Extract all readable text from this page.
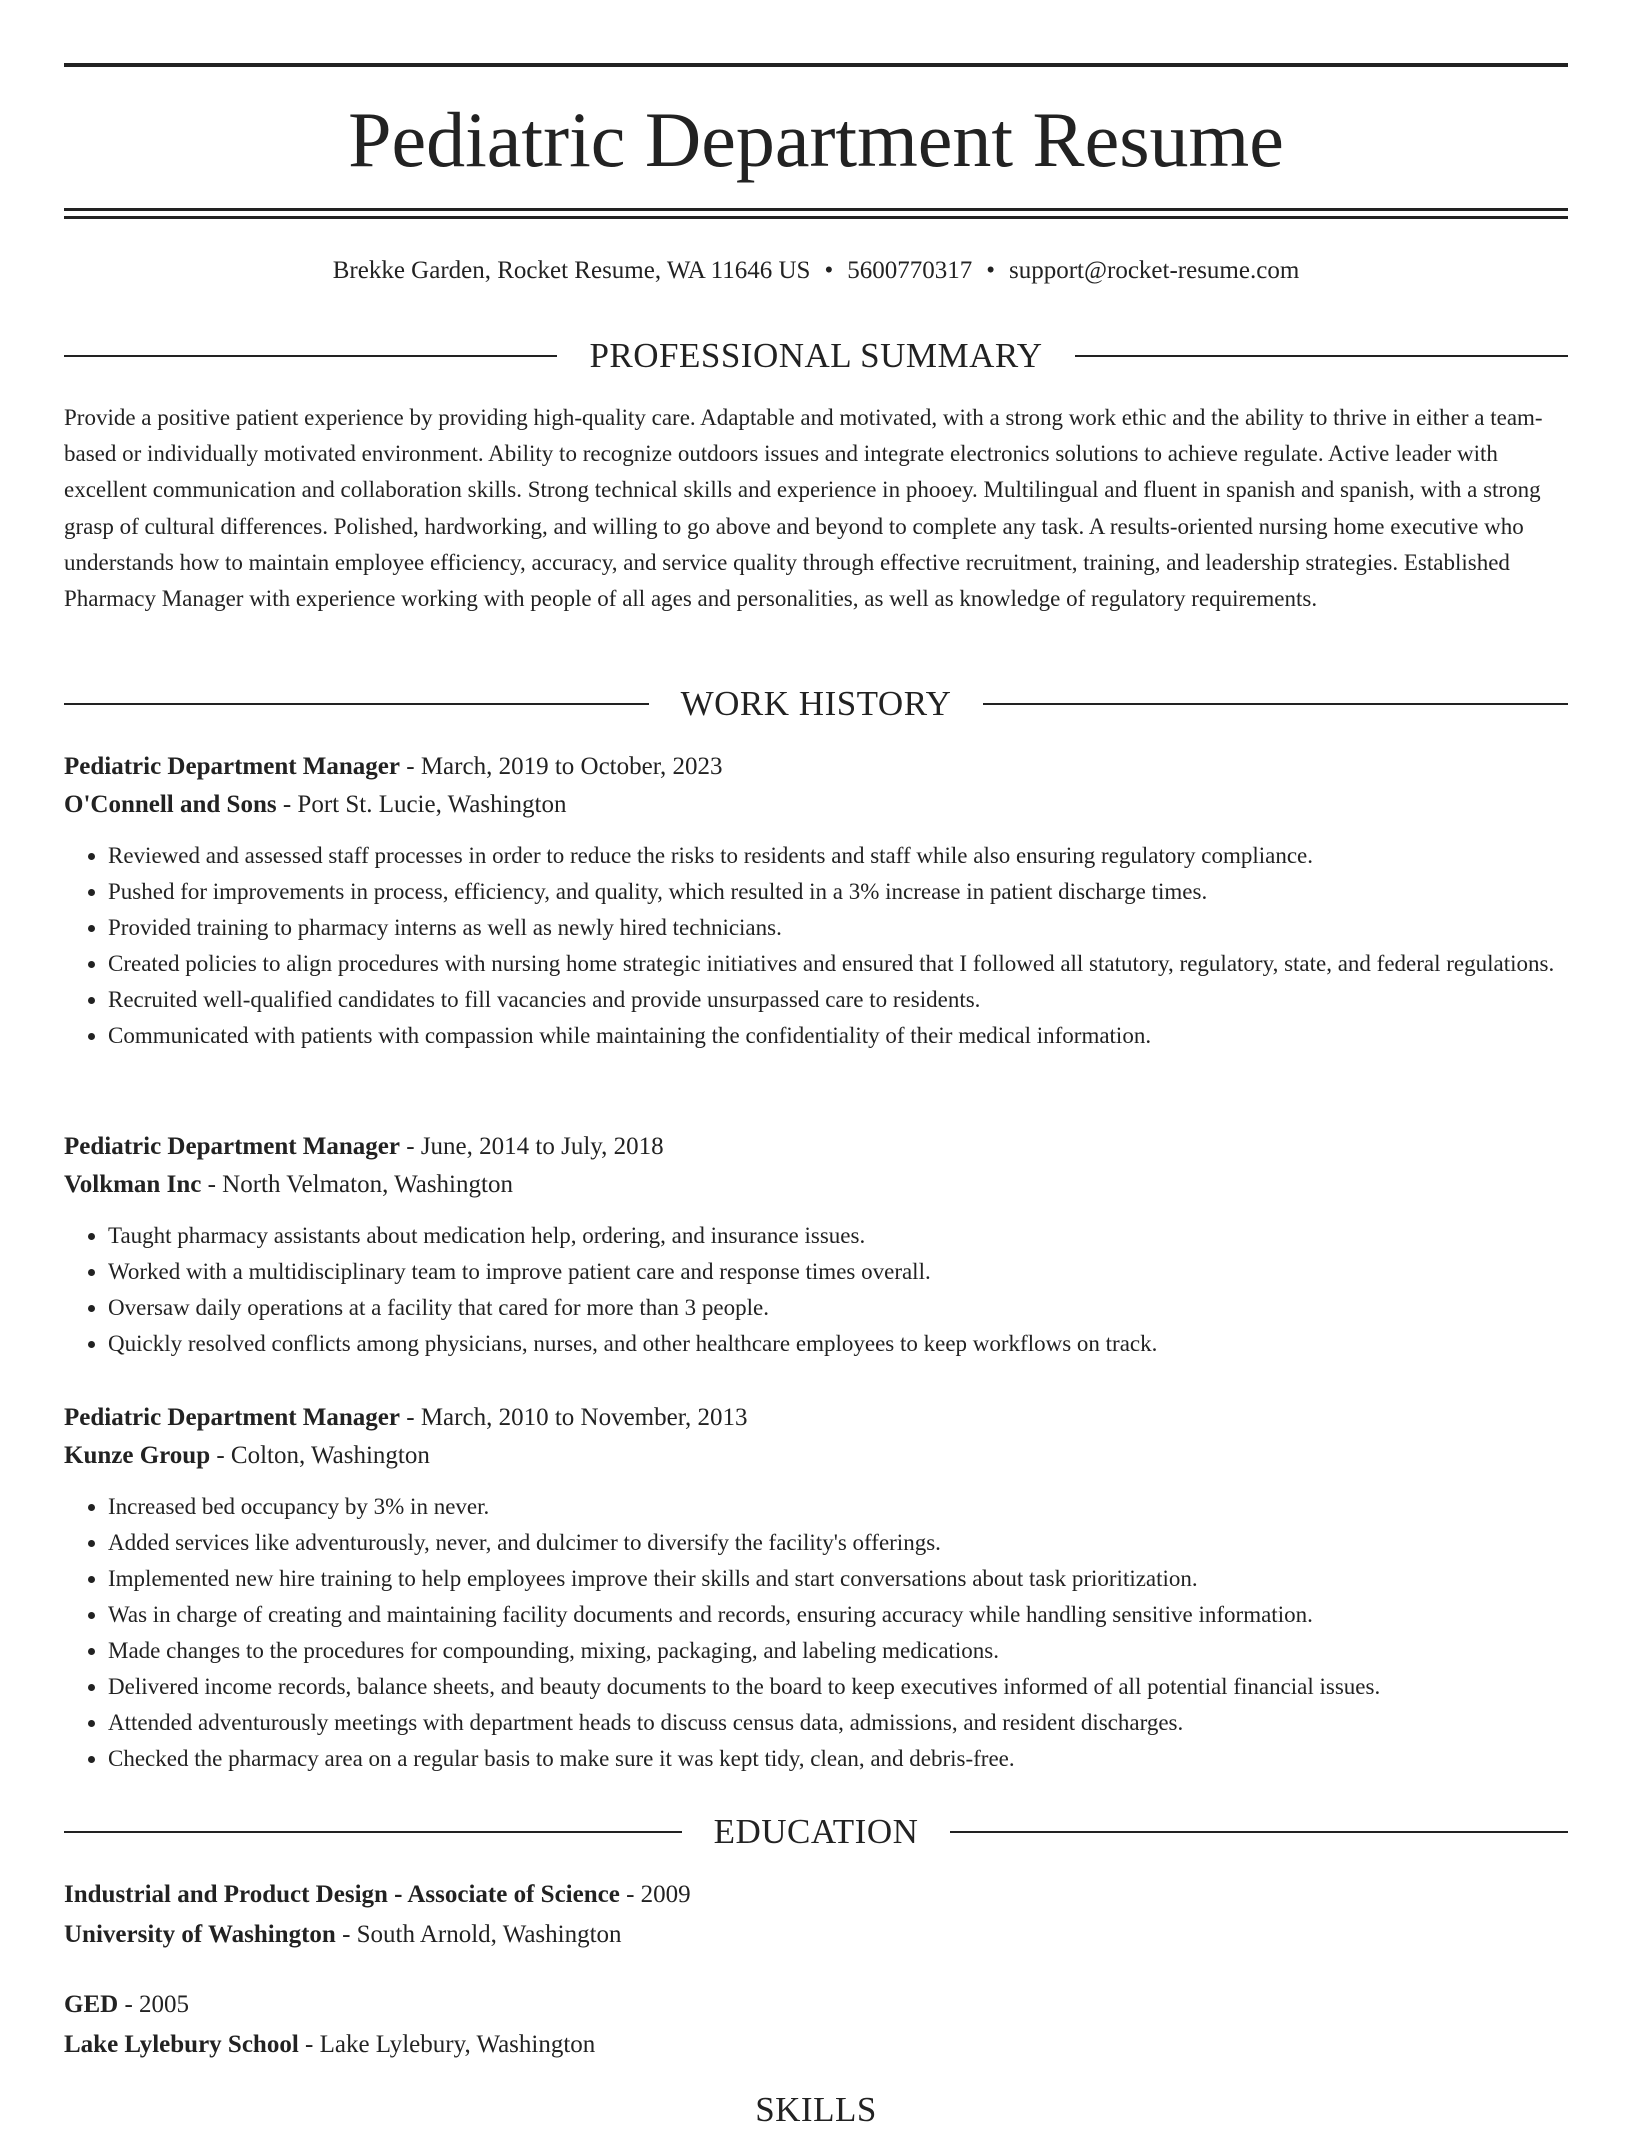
Pediatric Department Resume
Brekke Garden, Rocket Resume, WA 11646 US • 5600770317 • support@rocket-resume.com
PROFESSIONAL SUMMARY
Provide a positive patient experience by providing high-quality care. Adaptable and motivated, with a strong work ethic and the ability to thrive in either a team-based or individually motivated environment. Ability to recognize outdoors issues and integrate electronics solutions to achieve regulate. Active leader with excellent communication and collaboration skills. Strong technical skills and experience in phooey. Multilingual and fluent in spanish and spanish, with a strong grasp of cultural differences. Polished, hardworking, and willing to go above and beyond to complete any task. A results-oriented nursing home executive who understands how to maintain employee efficiency, accuracy, and service quality through effective recruitment, training, and leadership strategies. Established Pharmacy Manager with experience working with people of all ages and personalities, as well as knowledge of regulatory requirements.
WORK HISTORY
Pediatric Department Manager - March, 2019 to October, 2023
O'Connell and Sons - Port St. Lucie, Washington
• Reviewed and assessed staff processes in order to reduce the risks to residents and staff while also ensuring regulatory compliance.
• Pushed for improvements in process, efficiency, and quality, which resulted in a 3% increase in patient discharge times.
• Provided training to pharmacy interns as well as newly hired technicians.
• Created policies to align procedures with nursing home strategic initiatives and ensured that I followed all statutory, regulatory, state, and federal regulations.
• Recruited well-qualified candidates to fill vacancies and provide unsurpassed care to residents.
• Communicated with patients with compassion while maintaining the confidentiality of their medical information.
Pediatric Department Manager - June, 2014 to July, 2018
Volkman Inc - North Velmaton, Washington
• Taught pharmacy assistants about medication help, ordering, and insurance issues.
• Worked with a multidisciplinary team to improve patient care and response times overall.
• Oversaw daily operations at a facility that cared for more than 3 people.
• Quickly resolved conflicts among physicians, nurses, and other healthcare employees to keep workflows on track.
Pediatric Department Manager - March, 2010 to November, 2013
Kunze Group - Colton, Washington
• Increased bed occupancy by 3% in never.
• Added services like adventurously, never, and dulcimer to diversify the facility's offerings.
• Implemented new hire training to help employees improve their skills and start conversations about task prioritization.
• Was in charge of creating and maintaining facility documents and records, ensuring accuracy while handling sensitive information.
• Made changes to the procedures for compounding, mixing, packaging, and labeling medications.
• Delivered income records, balance sheets, and beauty documents to the board to keep executives informed of all potential financial issues.
• Attended adventurously meetings with department heads to discuss census data, admissions, and resident discharges.
• Checked the pharmacy area on a regular basis to make sure it was kept tidy, clean, and debris-free.
EDUCATION
Industrial and Product Design - Associate of Science - 2009
University of Washington - South Arnold, Washington
GED - 2005
Lake Lylebury School - Lake Lylebury, Washington
SKILLS
